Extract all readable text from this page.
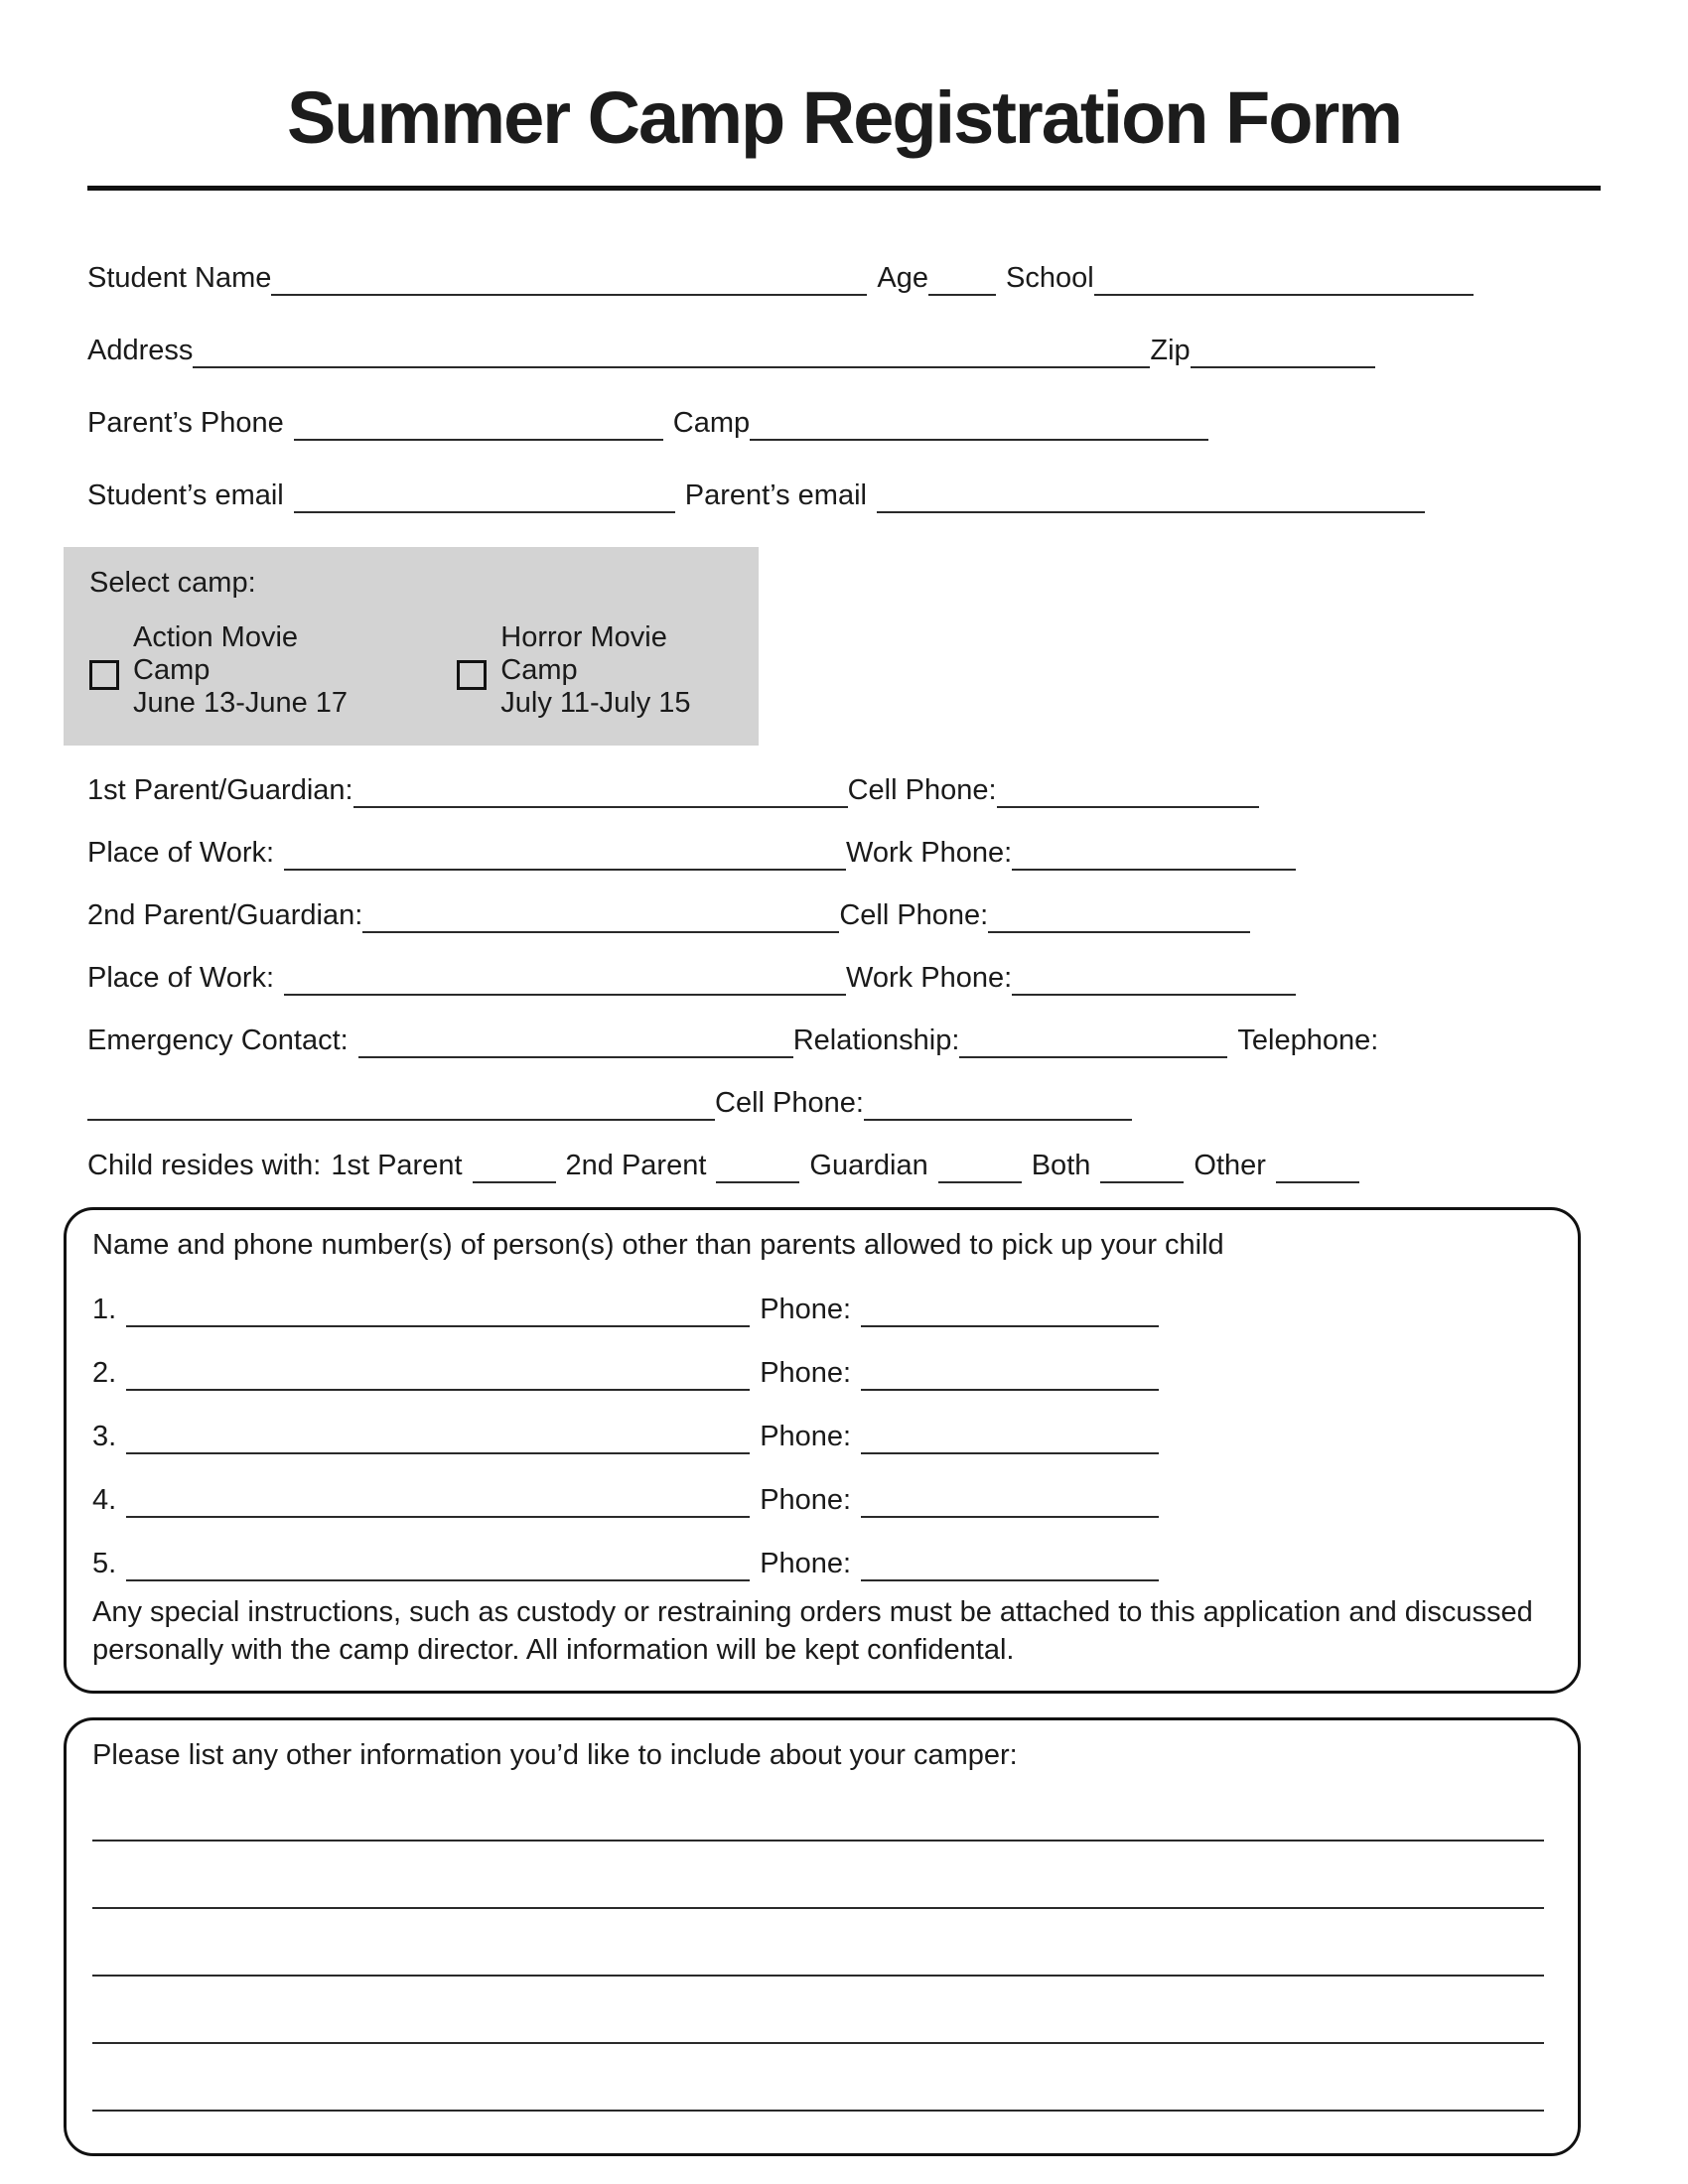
Summer Camp Registration Form
Student Name	Age	School
Address	Zip
Parent’s Phone	Camp
Student’s email	Parent’s email
Select camp:
Action Movie Camp
June 13-June 17
Horror Movie Camp
July 11-July 15
1st Parent/Guardian:	Cell Phone:
Place of Work:	Work Phone:
2nd Parent/Guardian:	Cell Phone:
Place of Work:	Work Phone:
Emergency Contact:	Relationship:	Telephone:
Cell Phone:
Child resides with: 1st Parent	2nd Parent	Guardian	Both	Other
Name and phone number(s) of person(s) other than parents allowed to pick up your child
1.	Phone:
2.	Phone:
3.	Phone:
4.	Phone:
5.	Phone:
Any special instructions, such as custody or restraining orders must be attached to this application and discussed personally with the camp director. All information will be kept confidental.
Please list any other information you’d like to include about your camper:
